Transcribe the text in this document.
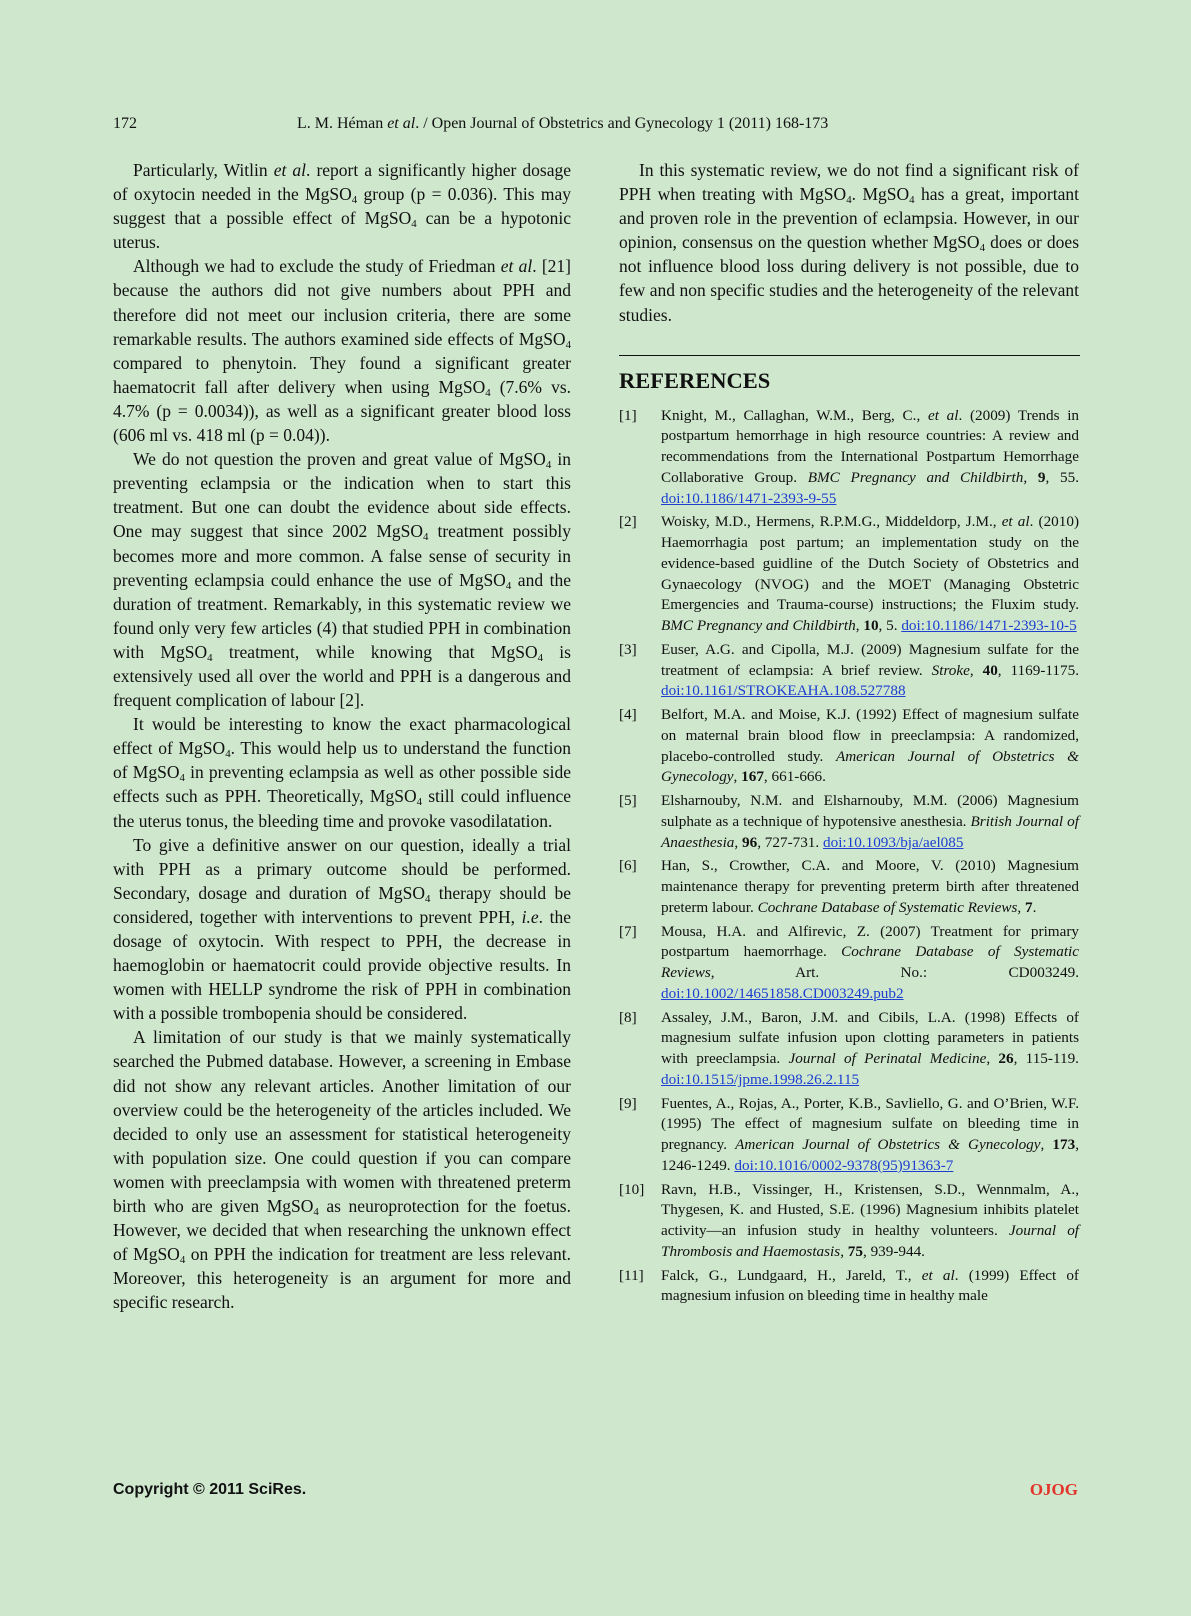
172	L. M. Héman et al. / Open Journal of Obstetrics and Gynecology 1 (2011) 168-173

Particularly, Witlin et al. report a significantly higher dosage of oxytocin needed in the MgSO$_4$ group (p = 0.036). This may suggest that a possible effect of MgSO$_4$ can be a hypotonic uterus.

Although we had to exclude the study of Friedman et al. [21] because the authors did not give numbers about PPH and therefore did not meet our inclusion criteria, there are some remarkable results. The authors examined side effects of MgSO$_4$ compared to phenytoin. They found a significant greater haematocrit fall after delivery when using MgSO$_4$ (7.6% vs. 4.7% (p = 0.0034)), as well as a significant greater blood loss (606 ml vs. 418 ml (p = 0.04)).

We do not question the proven and great value of MgSO$_4$ in preventing eclampsia or the indication when to start this treatment. But one can doubt the evidence about side effects. One may suggest that since 2002 MgSO$_4$ treatment possibly becomes more and more common. A false sense of security in preventing eclampsia could enhance the use of MgSO$_4$ and the duration of treatment. Remarkably, in this systematic review we found only very few articles (4) that studied PPH in combination with MgSO$_4$ treatment, while knowing that MgSO$_4$ is extensively used all over the world and PPH is a dangerous and frequent complication of labour [2].

It would be interesting to know the exact pharmacological effect of MgSO$_4$. This would help us to understand the function of MgSO$_4$ in preventing eclampsia as well as other possible side effects such as PPH. Theoretically, MgSO$_4$ still could influence the uterus tonus, the bleeding time and provoke vasodilatation.

To give a definitive answer on our question, ideally a trial with PPH as a primary outcome should be performed. Secondary, dosage and duration of MgSO$_4$ therapy should be considered, together with interventions to prevent PPH, i.e. the dosage of oxytocin. With respect to PPH, the decrease in haemoglobin or haematocrit could provide objective results. In women with HELLP syndrome the risk of PPH in combination with a possible trombopenia should be considered.

A limitation of our study is that we mainly systematically searched the Pubmed database. However, a screening in Embase did not show any relevant articles. Another limitation of our overview could be the heterogeneity of the articles included. We decided to only use an assessment for statistical heterogeneity with population size. One could question if you can compare women with preeclampsia with women with threatened preterm birth who are given MgSO$_4$ as neuroprotection for the foetus. However, we decided that when researching the unknown effect of MgSO$_4$ on PPH the indication for treatment are less relevant. Moreover, this heterogeneity is an argument for more and specific research.

In this systematic review, we do not find a significant risk of PPH when treating with MgSO$_4$. MgSO$_4$ has a great, important and proven role in the prevention of eclampsia. However, in our opinion, consensus on the question whether MgSO$_4$ does or does not influence blood loss during delivery is not possible, due to few and non specific studies and the heterogeneity of the relevant studies.

REFERENCES
[1]	Knight, M., Callaghan, W.M., Berg, C., et al. (2009) Trends in postpartum hemorrhage in high resource countries: A review and recommendations from the International Postpartum Hemorrhage Collaborative Group. BMC Pregnancy and Childbirth, 9, 55. doi:10.1186/1471-2393-9-55
[2]	Woisky, M.D., Hermens, R.P.M.G., Middeldorp, J.M., et al. (2010) Haemorrhagia post partum; an implementation study on the evidence-based guidline of the Dutch Society of Obstetrics and Gynaecology (NVOG) and the MOET (Managing Obstetric Emergencies and Trauma-course) instructions; the Fluxim study. BMC Pregnancy and Childbirth, 10, 5. doi:10.1186/1471-2393-10-5
[3]	Euser, A.G. and Cipolla, M.J. (2009) Magnesium sulfate for the treatment of eclampsia: A brief review. Stroke, 40, 1169-1175. doi:10.1161/STROKEAHA.108.527788
[4]	Belfort, M.A. and Moise, K.J. (1992) Effect of magnesium sulfate on maternal brain blood flow in preeclampsia: A randomized, placebo-controlled study. American Journal of Obstetrics & Gynecology, 167, 661-666.
[5]	Elsharnouby, N.M. and Elsharnouby, M.M. (2006) Magnesium sulphate as a technique of hypotensive anesthesia. British Journal of Anaesthesia, 96, 727-731. doi:10.1093/bja/ael085
[6]	Han, S., Crowther, C.A. and Moore, V. (2010) Magnesium maintenance therapy for preventing preterm birth after threatened preterm labour. Cochrane Database of Systematic Reviews, 7.
[7]	Mousa, H.A. and Alfirevic, Z. (2007) Treatment for primary postpartum haemorrhage. Cochrane Database of Systematic Reviews, Art. No.: CD003249. doi:10.1002/14651858.CD003249.pub2
[8]	Assaley, J.M., Baron, J.M. and Cibils, L.A. (1998) Effects of magnesium sulfate infusion upon clotting parameters in patients with preeclampsia. Journal of Perinatal Medicine, 26, 115-119. doi:10.1515/jpme.1998.26.2.115
[9]	Fuentes, A., Rojas, A., Porter, K.B., Savliello, G. and O’Brien, W.F. (1995) The effect of magnesium sulfate on bleeding time in pregnancy. American Journal of Obstetrics & Gynecology, 173, 1246-1249. doi:10.1016/0002-9378(95)91363-7
[10]	Ravn, H.B., Vissinger, H., Kristensen, S.D., Wennmalm, A., Thygesen, K. and Husted, S.E. (1996) Magnesium inhibits platelet activity—an infusion study in healthy volunteers. Journal of Thrombosis and Haemostasis, 75, 939-944.
[11]	Falck, G., Lundgaard, H., Jareld, T., et al. (1999) Effect of magnesium infusion on bleeding time in healthy male
Copyright © 2011 SciRes.	OJOG
